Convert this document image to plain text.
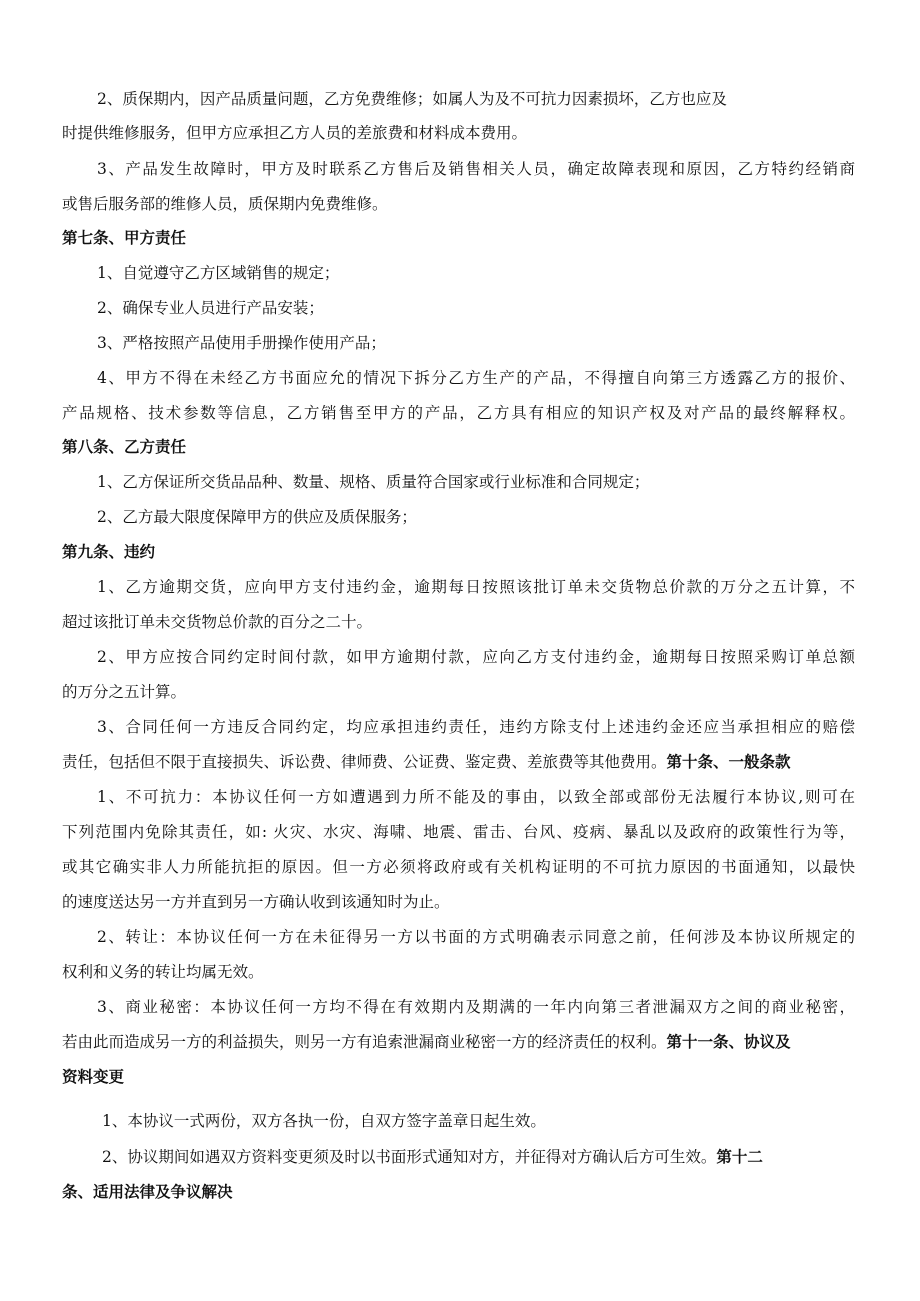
2、质保期内，因产品质量问题，乙方免费维修；如属人为及不可抗力因素损坏，乙方也应及
时提供维修服务，但甲方应承担乙方人员的差旅费和材料成本费用。
3、产品发生故障时，甲方及时联系乙方售后及销售相关人员，确定故障表现和原因，乙方特约经销商
或售后服务部的维修人员，质保期内免费维修。
第七条、甲方责任
1、自觉遵守乙方区域销售的规定；
2、确保专业人员进行产品安装；
3、严格按照产品使用手册操作使用产品；
4、甲方不得在未经乙方书面应允的情况下拆分乙方生产的产品，不得擅自向第三方透露乙方的报价、
产品规格、技术参数等信息，乙方销售至甲方的产品，乙方具有相应的知识产权及对产品的最终解释权。
第八条、乙方责任
1、乙方保证所交货品品种、数量、规格、质量符合国家或行业标准和合同规定；
2、乙方最大限度保障甲方的供应及质保服务；
第九条、违约
1、乙方逾期交货，应向甲方支付违约金，逾期每日按照该批订单未交货物总价款的万分之五计算，不
超过该批订单未交货物总价款的百分之二十。
2、甲方应按合同约定时间付款，如甲方逾期付款，应向乙方支付违约金，逾期每日按照采购订单总额
的万分之五计算。
3、合同任何一方违反合同约定，均应承担违约责任，违约方除支付上述违约金还应当承担相应的赔偿
责任，包括但不限于直接损失、诉讼费、律师费、公证费、鉴定费、差旅费等其他费用。第十条、一般条款
1、不可抗力：本协议任何一方如遭遇到力所不能及的事由，以致全部或部份无法履行本协议,则可在
下列范围内免除其责任，如: 火灾、水灾、海啸、地震、雷击、台风、疫病、暴乱以及政府的政策性行为等，
或其它确实非人力所能抗拒的原因。但一方必须将政府或有关机构证明的不可抗力原因的书面通知，以最快
的速度送达另一方并直到另一方确认收到该通知时为止。
2、转让：本协议任何一方在未征得另一方以书面的方式明确表示同意之前，任何涉及本协议所规定的
权利和义务的转让均属无效。
3、商业秘密：本协议任何一方均不得在有效期内及期满的一年内向第三者泄漏双方之间的商业秘密，
若由此而造成另一方的利益损失，则另一方有追索泄漏商业秘密一方的经济责任的权利。第十一条、协议及
资料变更
1、本协议一式两份，双方各执一份，自双方签字盖章日起生效。
2、协议期间如遇双方资料变更须及时以书面形式通知对方，并征得对方确认后方可生效。第十二
条、适用法律及争议解决
